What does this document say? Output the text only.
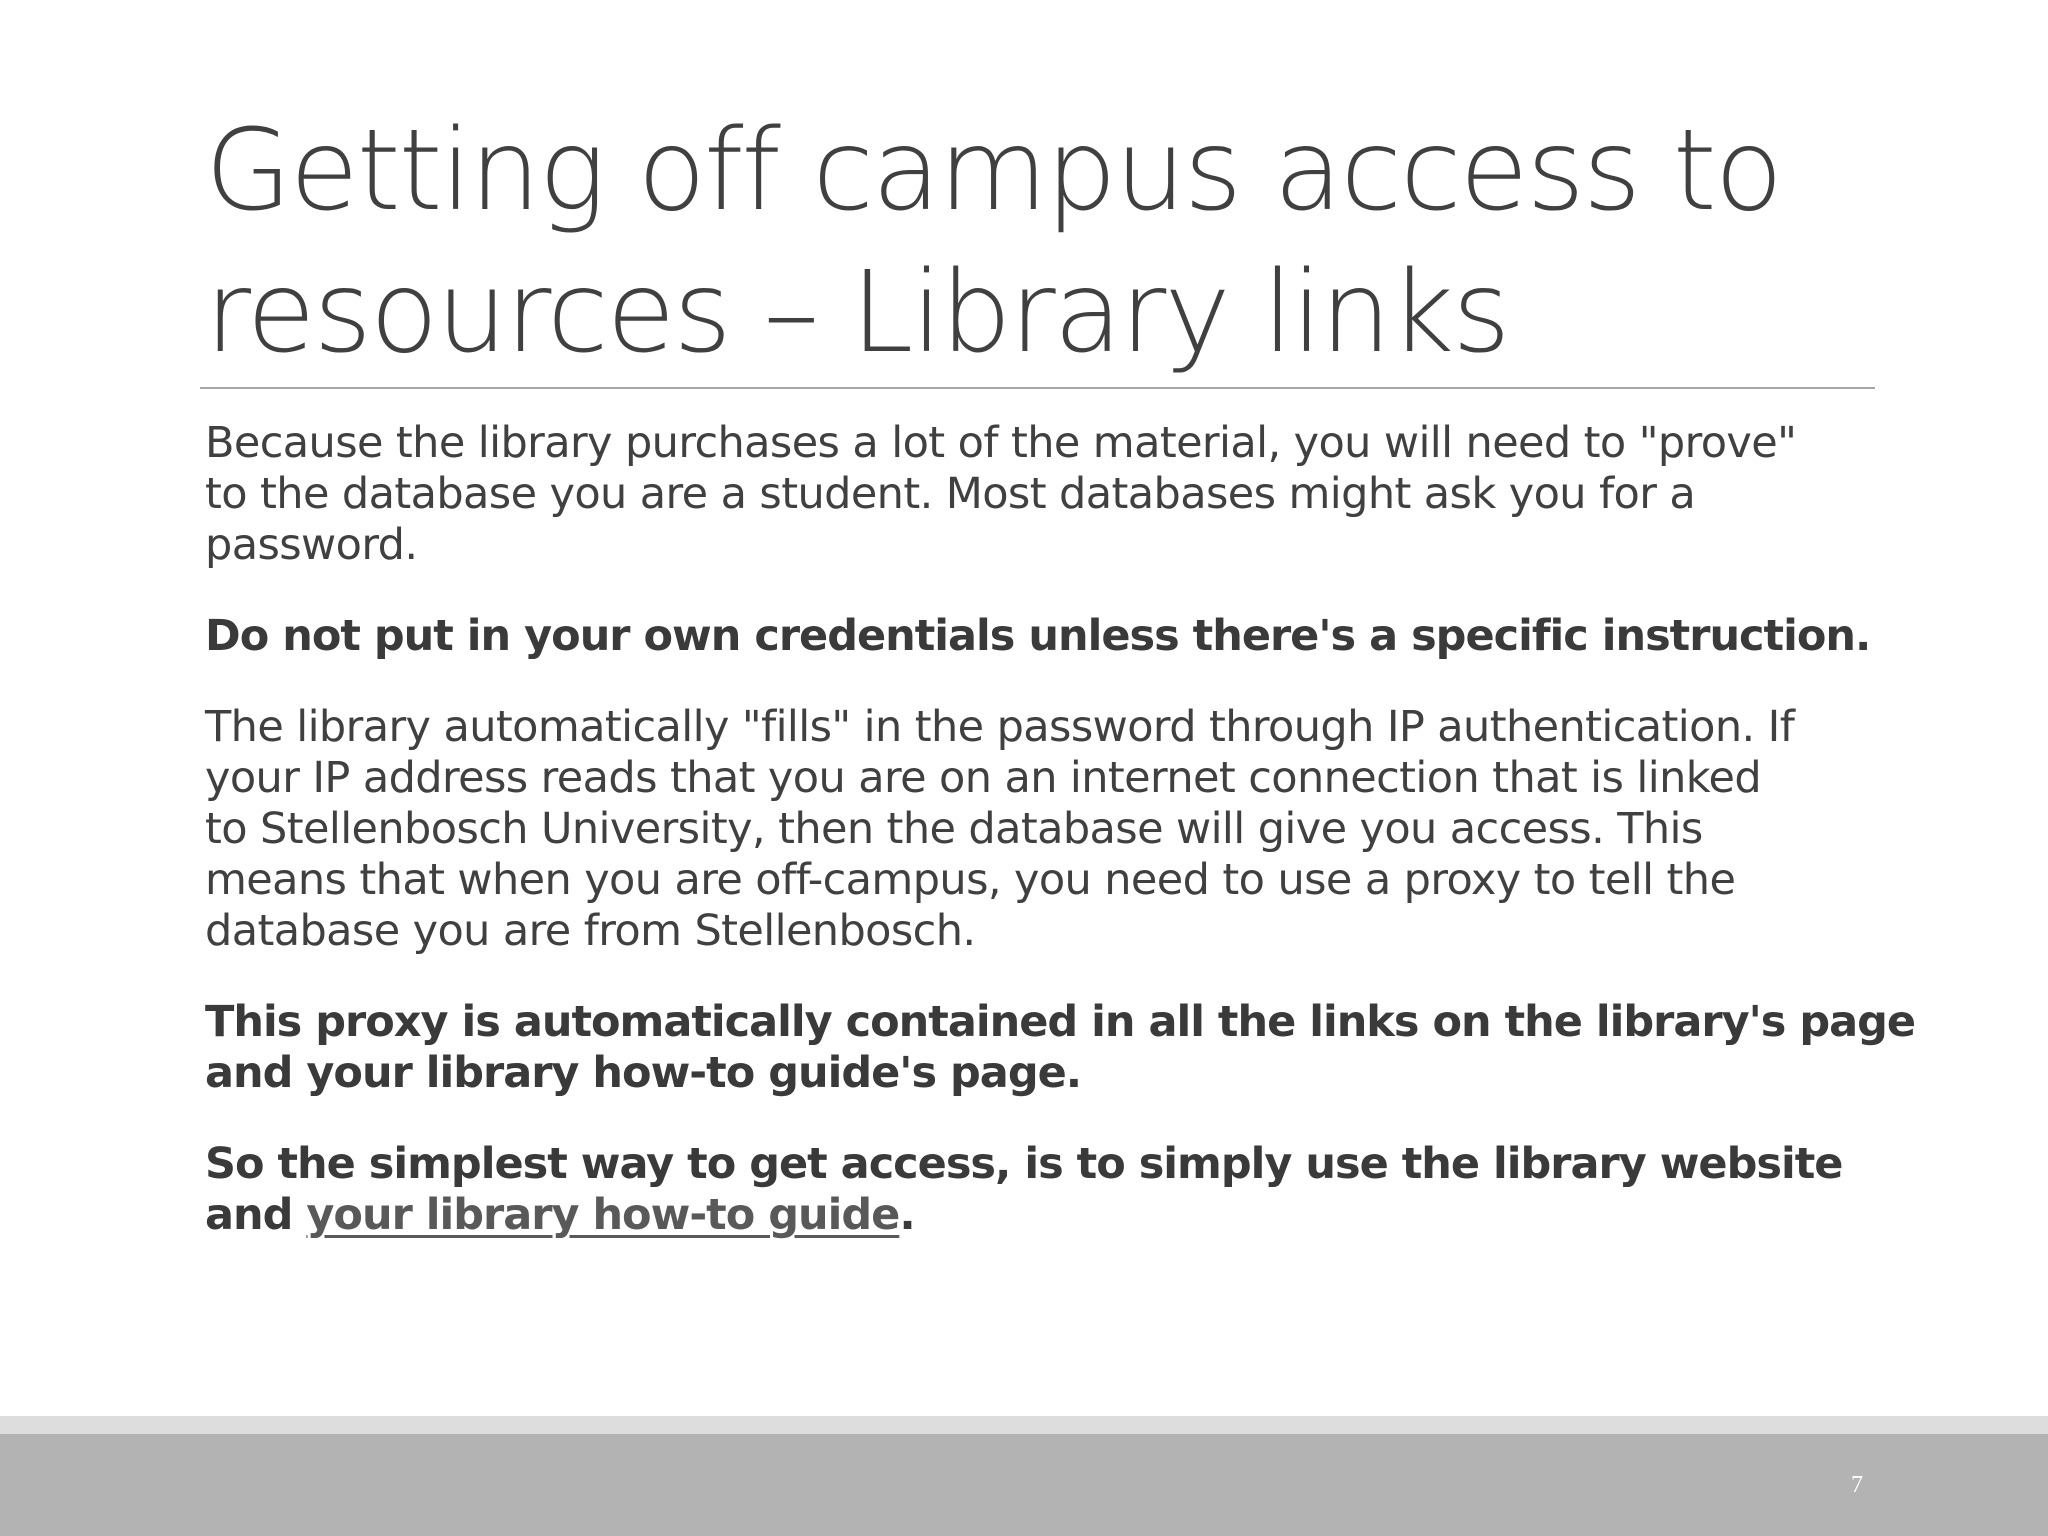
Getting off campus access to
resources – Library links

Because the library purchases a lot of the material, you will need to "prove"
to the database you are a student. Most databases might ask you for a
password.

Do not put in your own credentials unless there's a specific instruction.

The library automatically "fills" in the password through IP authentication. If
your IP address reads that you are on an internet connection that is linked
to Stellenbosch University, then the database will give you access. This
means that when you are off-campus, you need to use a proxy to tell the
database you are from Stellenbosch.

This proxy is automatically contained in all the links on the library's page
and your library how-to guide's page.

So the simplest way to get access, is to simply use the library website
and your library how-to guide.

7
